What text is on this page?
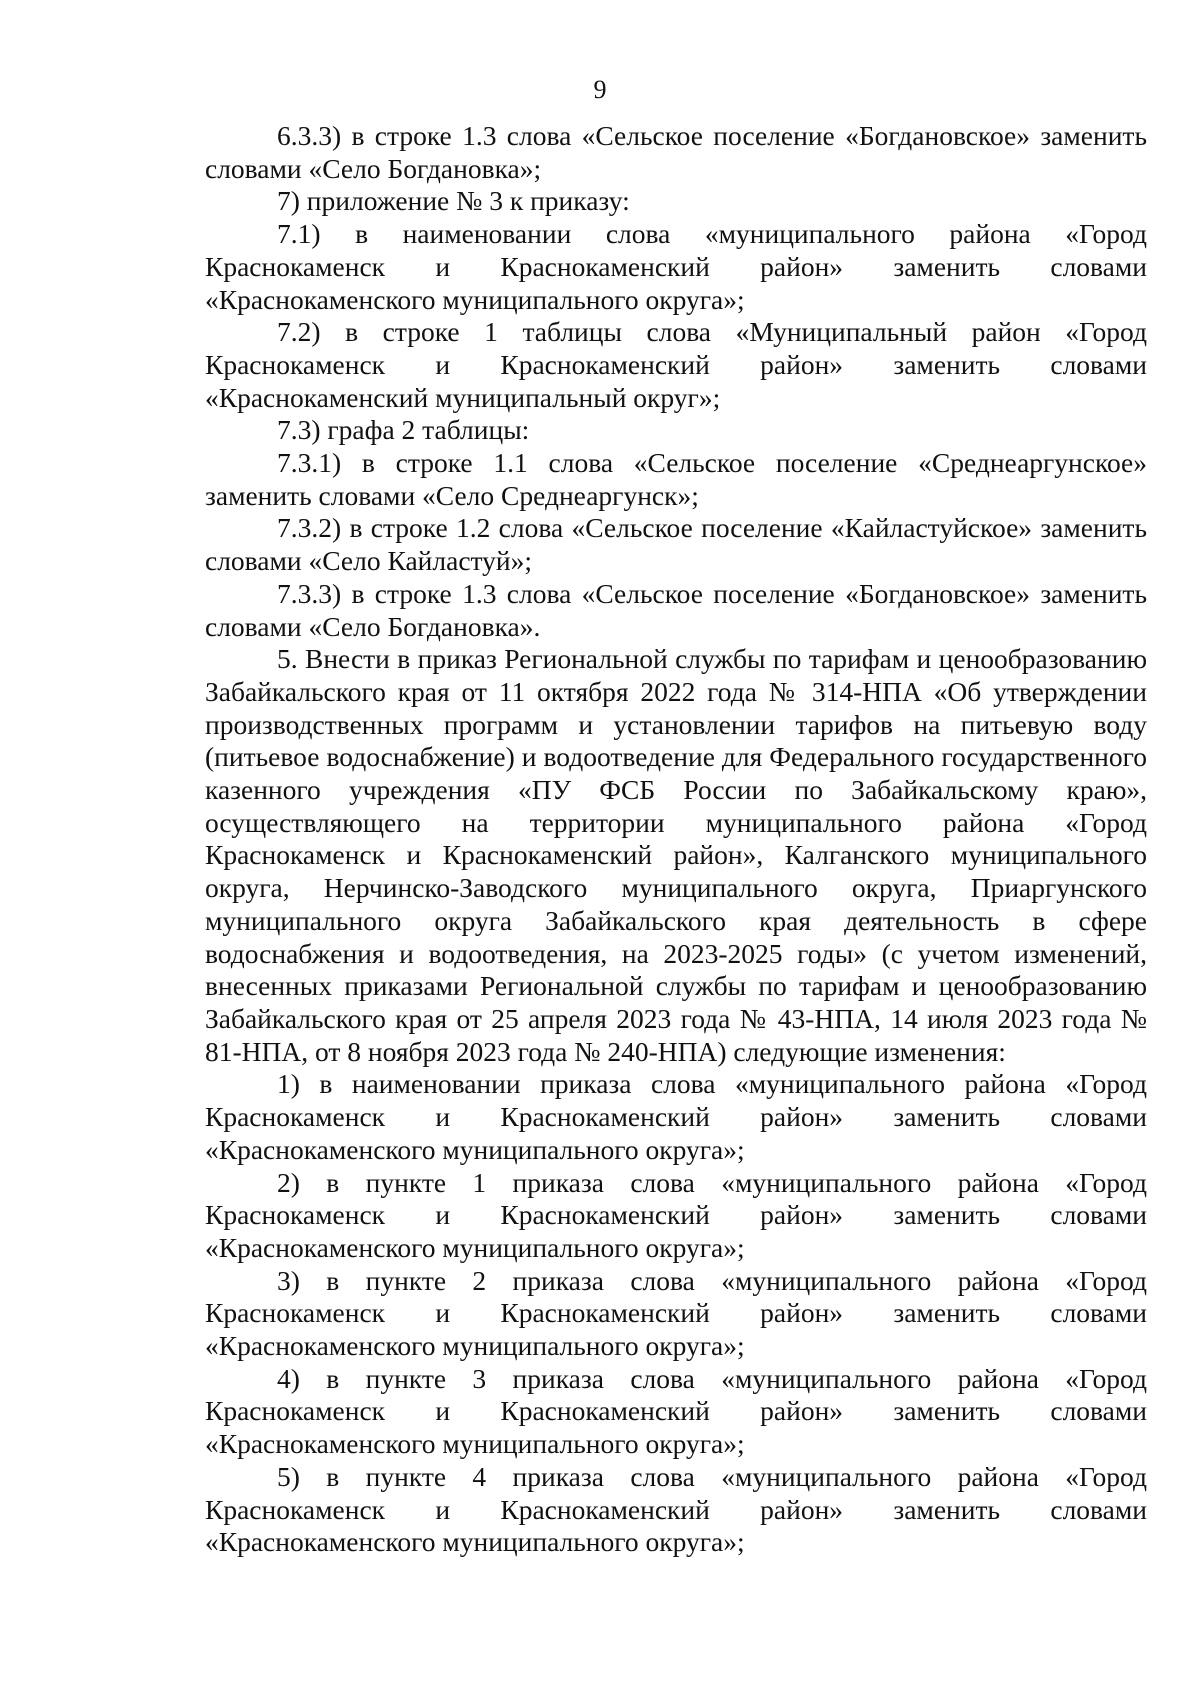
9

6.3.3) в строке 1.3 слова «Сельское поселение «Богдановское» заменить словами «Село Богдановка»;

7) приложение № 3 к приказу:

7.1) в наименовании слова «муниципального района «Город Краснокаменск и Краснокаменский район» заменить словами «Краснокаменского муниципального округа»;

7.2) в строке 1 таблицы слова «Муниципальный район «Город Краснокаменск и Краснокаменский район» заменить словами «Краснокаменский муниципальный округ»;

7.3) графа 2 таблицы:

7.3.1) в строке 1.1 слова «Сельское поселение «Среднеаргунское» заменить словами «Село Среднеаргунск»;

7.3.2) в строке 1.2 слова «Сельское поселение «Кайластуйское» заменить словами «Село Кайластуй»;

7.3.3) в строке 1.3 слова «Сельское поселение «Богдановское» заменить словами «Село Богдановка».

5. Внести в приказ Региональной службы по тарифам и ценообразованию Забайкальского края от 11 октября 2022 года № 314-НПА «Об утверждении производственных программ и установлении тарифов на питьевую воду (питьевое водоснабжение) и водоотведение для Федерального государственного казенного учреждения «ПУ ФСБ России по Забайкальскому краю», осуществляющего на территории муниципального района «Город Краснокаменск и Краснокаменский район», Калганского муниципального округа, Нерчинско-Заводского муниципального округа, Приаргунского муниципального округа Забайкальского края деятельность в сфере водоснабжения и водоотведения, на 2023-2025 годы» (с учетом изменений, внесенных приказами Региональной службы по тарифам и ценообразованию Забайкальского края от 25 апреля 2023 года № 43-НПА, 14 июля 2023 года № 81-НПА, от 8 ноября 2023 года № 240-НПА) следующие изменения:

1) в наименовании приказа слова «муниципального района «Город Краснокаменск и Краснокаменский район» заменить словами «Краснокаменского муниципального округа»;

2) в пункте 1 приказа слова «муниципального района «Город Краснокаменск и Краснокаменский район» заменить словами «Краснокаменского муниципального округа»;

3) в пункте 2 приказа слова «муниципального района «Город Краснокаменск и Краснокаменский район» заменить словами «Краснокаменского муниципального округа»;

4) в пункте 3 приказа слова «муниципального района «Город Краснокаменск и Краснокаменский район» заменить словами «Краснокаменского муниципального округа»;

5) в пункте 4 приказа слова «муниципального района «Город Краснокаменск и Краснокаменский район» заменить словами «Краснокаменского муниципального округа»;
